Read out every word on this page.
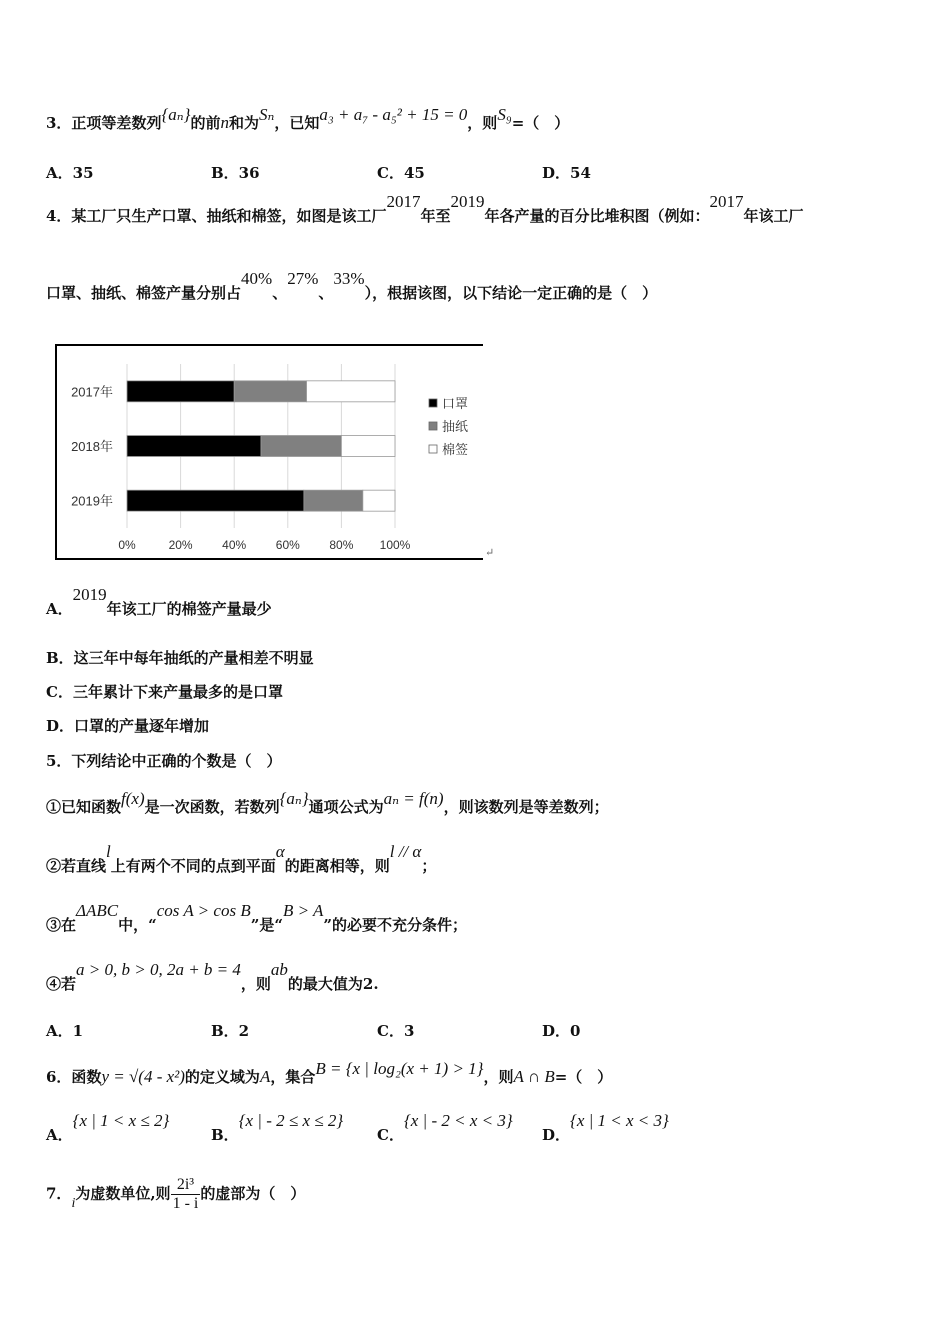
3．正项等差数列{aₙ}的前n和为Sₙ，已知a₃ + a₇ - a₅² + 15 = 0，则S₉=（　）
A．35	B．36	C．45	D．54
4．某工厂只生产口罩、抽纸和棉签，如图是该工厂2017年至2019年各产量的百分比堆积图（例如：2017年该工厂
口罩、抽纸、棉签产量分别占40%、27%、33%），根据该图，以下结论一定正确的是（　）
0%	20% 40% 60% 80% 100%
2017年
2018年
2019年
口罩
抽纸
棉签
↵
A．2019年该工厂的棉签产量最少
B．这三年中每年抽纸的产量相差不明显
C．三年累计下来产量最多的是口罩
D．口罩的产量逐年增加
5．下列结论中正确的个数是（　）
①已知函数f(x)是一次函数，若数列{aₙ}通项公式为aₙ = f(n)，则该数列是等差数列；
②若直线l上有两个不同的点到平面α的距离相等，则l // α；
③在ΔABC中，“cos A > cos B”是“B > A”的必要不充分条件；
④若a > 0, b > 0, 2a + b = 4，则ab的最大值为2.
A．1	B．2	C．3	D．0
6．函数y = √(4 - x²)的定义域为A，集合B = {x | log₂(x + 1) > 1}，则A ∩ B=（　）
A．{x | 1 < x ≤ 2}
B．{x | - 2 ≤ x ≤ 2}
C．{x | - 2 < x < 3}
D．{x | 1 < x < 3}
7．i为虚数单位,则 $\frac{\text{2i³}}{1 - i}$ 的虚部为（　）
